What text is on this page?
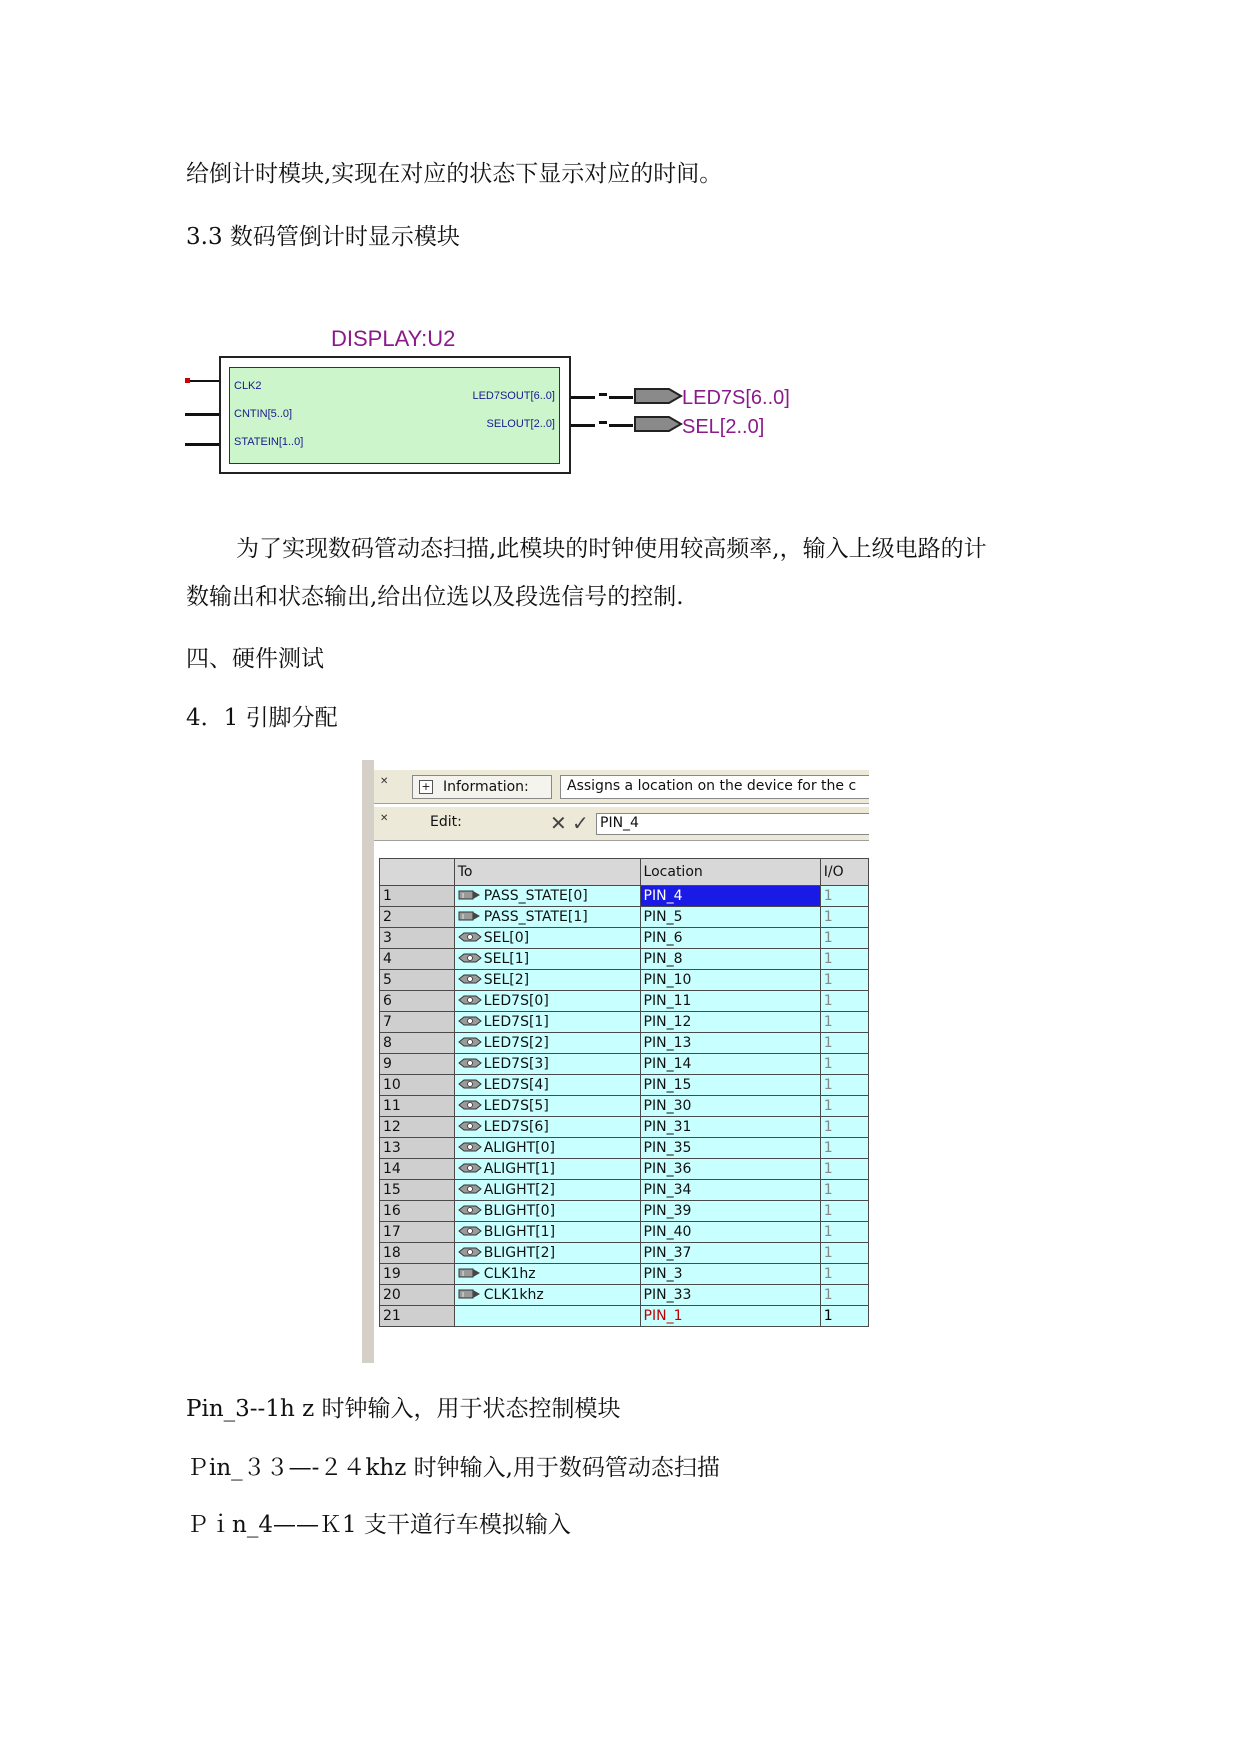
给倒计时模块,实现在对应的状态下显示对应的时间。

3.3 数码管倒计时显示模块

DISPLAY:U2
CLK2
CNTIN[5..0]
STATEIN[1..0]
LED7SOUT[6..0]
SELOUT[2..0]
LED7S[6..0]
SEL[2..0]

为了实现数码管动态扫描,此模块的时钟使用较高频率,，输入上级电路的计

数输出和状态输出,给出位选以及段选信号的控制.

四、硬件测试

4．1 引脚分配

✕	+ Information:	Assigns a location on the device for the c
✕	Edit:	✕ ✓ PIN_4
	To	Location	I/O
1	I PASS_STATE[0]	PIN_4	1
2	I PASS_STATE[1]	PIN_5	1
3	SEL[0]	PIN_6	1
4	SEL[1]	PIN_8	1
5	SEL[2]	PIN_10	1
6	LED7S[0]	PIN_11	1
7	LED7S[1]	PIN_12	1
8	LED7S[2]	PIN_13	1
9	LED7S[3]	PIN_14	1
10	LED7S[4]	PIN_15	1
11	LED7S[5]	PIN_30	1
12	LED7S[6]	PIN_31	1
13	ALIGHT[0]	PIN_35	1
14	ALIGHT[1]	PIN_36	1
15	ALIGHT[2]	PIN_34	1
16	BLIGHT[0]	PIN_39	1
17	BLIGHT[1]	PIN_40	1
18	BLIGHT[2]	PIN_37	1
19	I CLK1hz	PIN_3	1
20	I CLK1khz	PIN_33	1
21		PIN_1	1

Pin_3--1h z 时钟输入，用于状态控制模块

Ｐin_３３—-２４khz 时钟输入,用于数码管动态扫描

Ｐｉn_4——Ｋ1 支干道行车模拟输入
